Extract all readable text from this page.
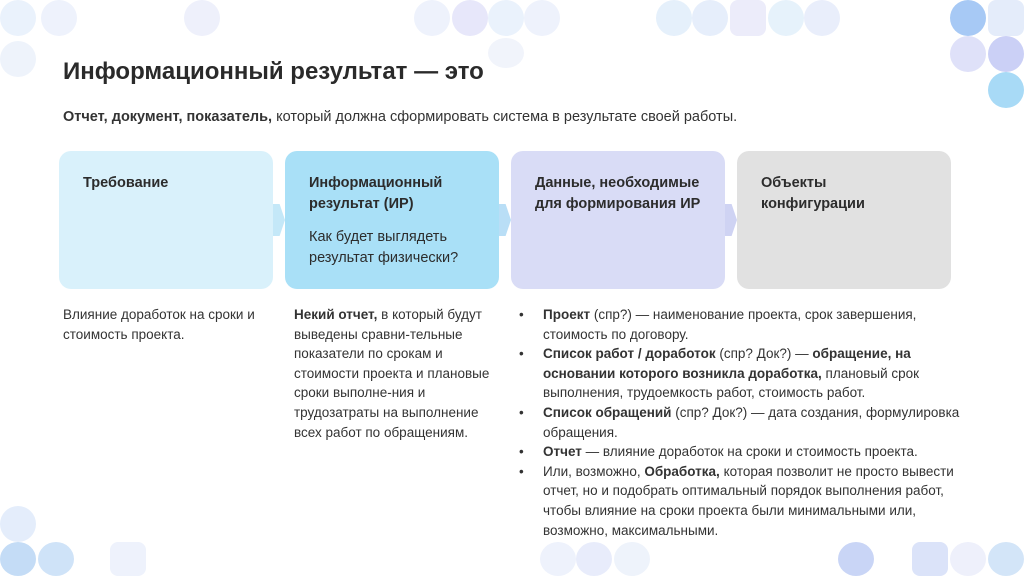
Информационный результат — это
Отчет, документ, показатель, который должна сформировать система в результате своей работы.
Требование	Информационный результат (ИР)
Как будет выглядеть результат физически?
Данные, необходимые для формирования ИР
Объекты конфигурации
Влияние доработок на сроки и стоимость проекта.
Некий отчет, в который будут выведены сравни-тельные показатели по срокам и стоимости проекта и плановые сроки выполне-ния и трудозатраты на выполнение всех работ по обращениям.
• Проект (спр?) — наименование проекта, срок завершения, стоимость по договору.
• Список работ / доработок (спр? Док?) — обращение, на основании которого возникла доработка, плановый срок выполнения, трудоемкость работ, стоимость работ.
• Список обращений (спр? Док?) — дата создания, формулировка обращения.
• Отчет — влияние доработок на сроки и стоимость проекта.
• Или, возможно, Обработка, которая позволит не просто вывести отчет, но и подобрать оптимальный порядок выполнения работ, чтобы влияние на сроки проекта были минимальными или, возможно, максимальными.
